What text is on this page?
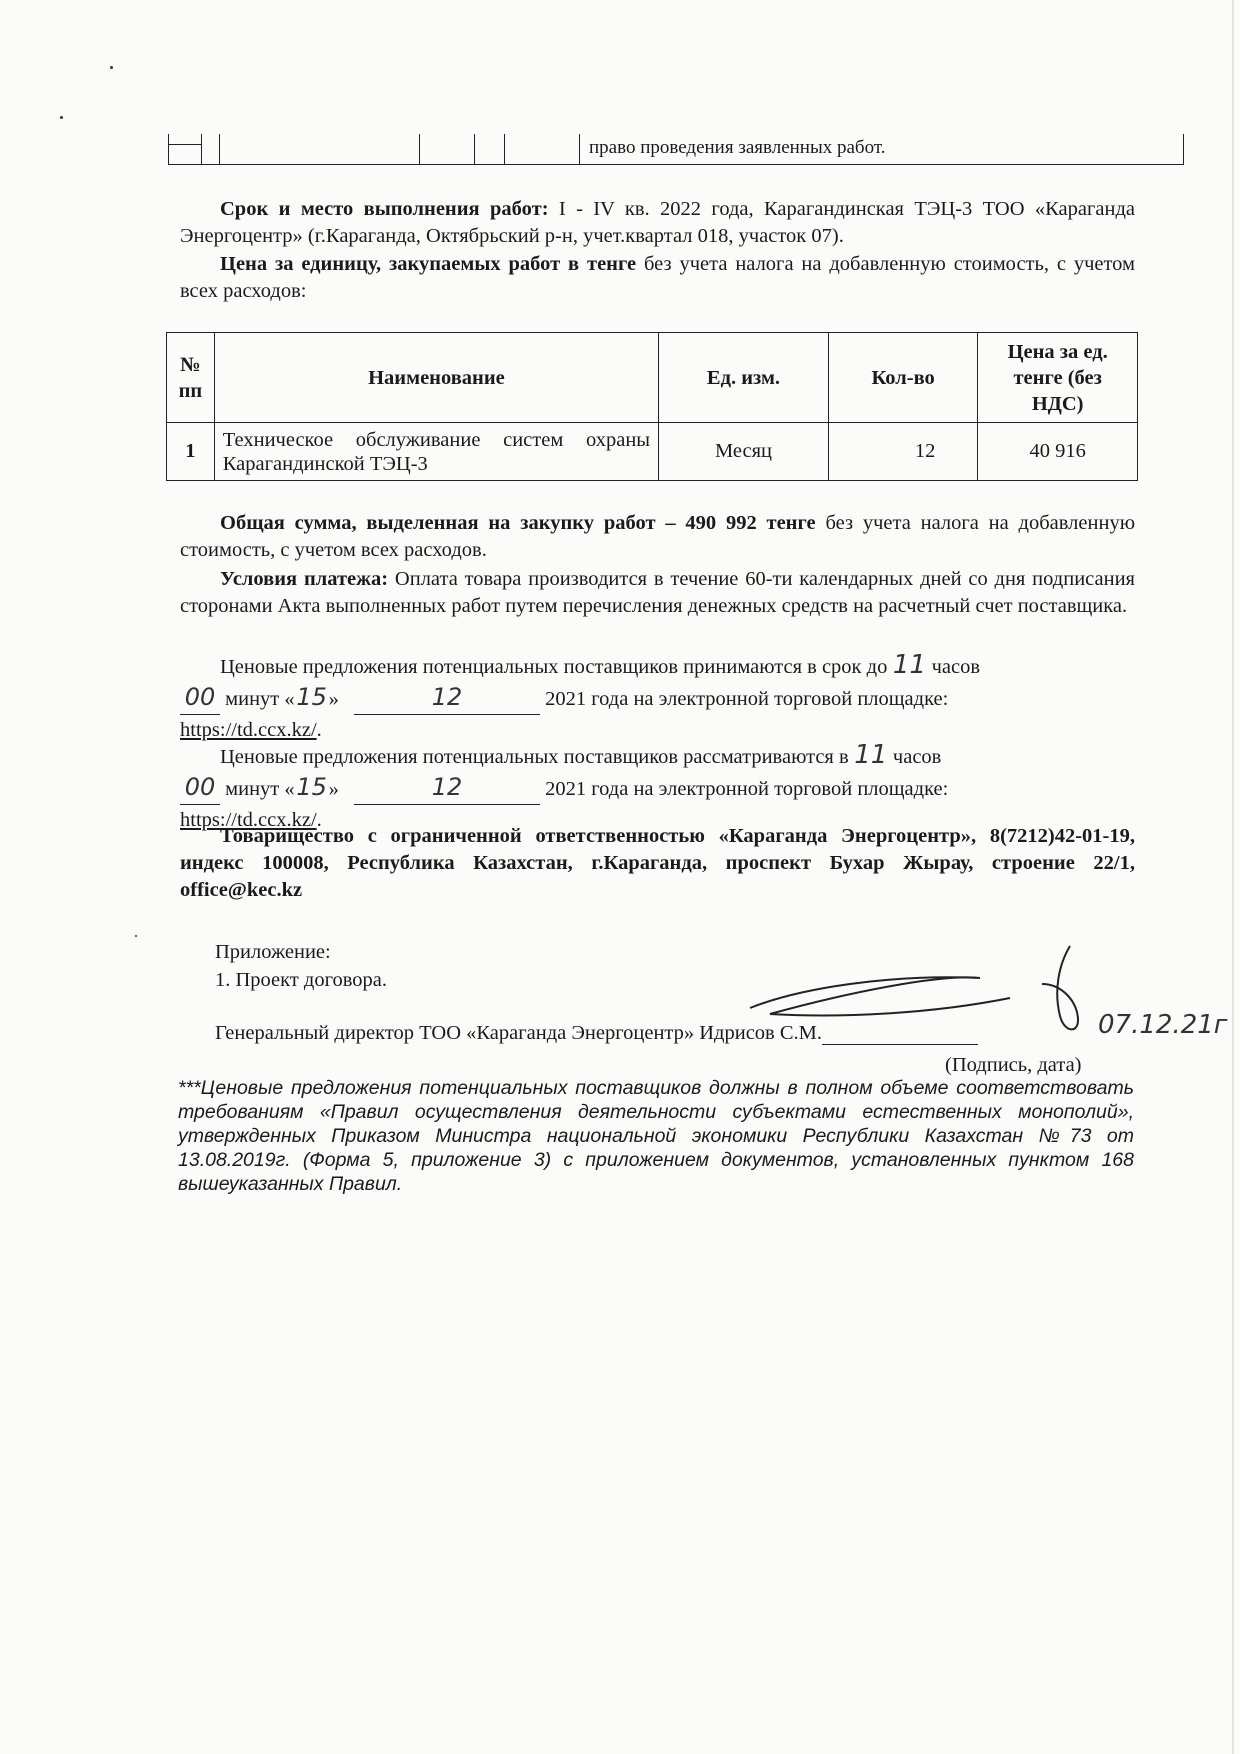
право проведения заявленных работ.
Срок и место выполнения работ: I - IV кв. 2022 года, Карагандинская ТЭЦ-3 ТОО «Караганда Энергоцентр» (г.Караганда, Октябрьский р-н, учет.квартал 018, участок 07).
Цена за единицу, закупаемых работ в тенге без учета налога на добавленную стоимость, с учетом всех расходов:
№ пп	Наименование	Ед. изм.	Кол-во	Цена за ед. тенге (без НДС)
1	Техническое обслуживание систем охраны Карагандинской ТЭЦ-3	Месяц	12	40 916
Общая сумма, выделенная на закупку работ – 490 992 тенге без учета налога на добавленную стоимость, с учетом всех расходов.
Условия платежа: Оплата товара производится в течение 60-ти календарных дней со дня подписания сторонами Акта выполненных работ путем перечисления денежных средств на расчетный счет поставщика.
Ценовые предложения потенциальных поставщиков принимаются в срок до 11 часов
00 минут «15»	12	2021 года на электронной торговой площадке:
https://td.ccx.kz/.
Ценовые предложения потенциальных поставщиков рассматриваются в 11 часов
00 минут «15»	12	2021 года на электронной торговой площадке:
https://td.ccx.kz/.
Товарищество с ограниченной ответственностью «Караганда Энергоцентр», 8(7212)42-01-19, индекс 100008, Республика Казахстан, г.Караганда, проспект Бухар Жырау, строение 22/1, office@kec.kz
Приложение:
1. Проект договора.
Генеральный директор ТОО «Караганда Энергоцентр» Идрисов С.М.	07.12.21г
(Подпись, дата)
***Ценовые предложения потенциальных поставщиков должны в полном объеме соответствовать требованиям «Правил осуществления деятельности субъектами естественных монополий», утвержденных Приказом Министра национальной экономики Республики Казахстан №73 от 13.08.2019г. (Форма 5, приложение 3) с приложением документов, установленных пунктом 168 вышеуказанных Правил.
